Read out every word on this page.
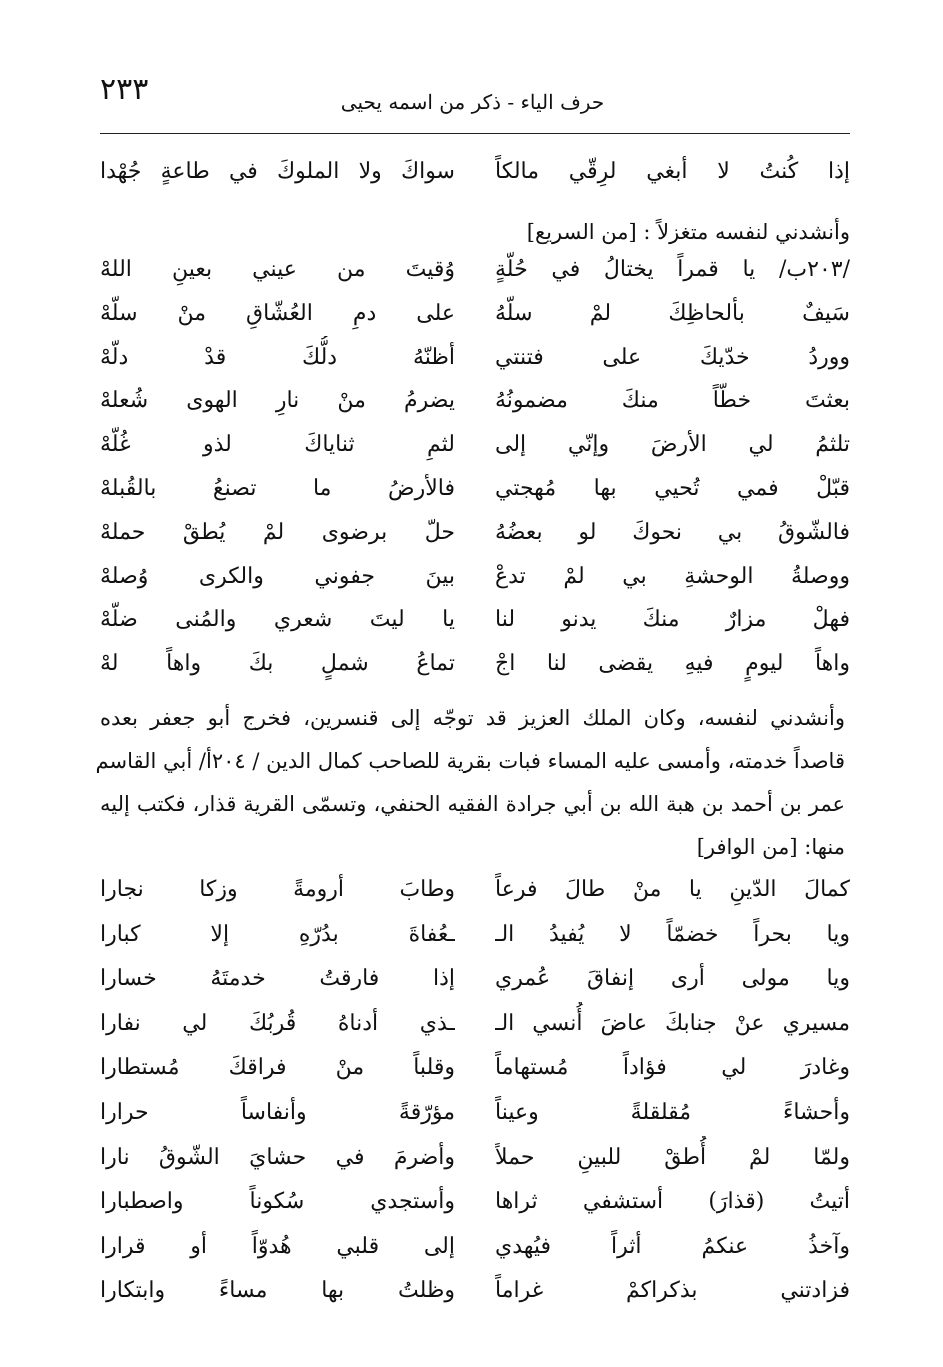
٢٣٣	حرف الياء - ذكر من اسمه يحيى
إذا كُنتُ لا أبغي لرِقّي مالكاً
سواكَ ولا الملوكَ في طاعةٍ جُهْدا
وأنشدني لنفسه متغزلاً : [من السريع]
/٢٠٣ب/ يا قمراً يختالُ في حُلّةٍ
وُقيتَ من عيني بعينِ اللهْ
سَيفٌ بألحاظِكَ لمْ سلّهُ
على دمِ العُشّاقِ منْ سلّهْ
ووردُ خدّيكَ على فتنتي
أظنّهُ دلُّكَ قدْ دلّهْ
بعثتَ خطّاً منكَ مضمونُهُ
يضرمُ منْ نارِ الهوى شُعلهْ
تلثمُ لي الأرضَ وإنّي إلى
لثمِ ثناياكَ لذو غُلّهْ
قبّلْ فمي تُحيي بها مُهجتي
فالأرضُ ما تصنعُ بالقُبلهْ
فالشّوقُ بي نحوكَ لو بعضُهُ
حلّ برضوى لمْ يُطقْ حملهْ
ووصلةُ الوحشةِ بي لمْ تدعْ
بينَ جفوني والكرى وُصلهْ
فهلْ مزارٌ منكَ يدنو لنا
يا ليتَ شعري والمُنى ضلّهْ
واهاً ليومٍ فيهِ يقضى لنا اجْ
تماعُ شملٍ بكَ واهاً لهْ
وأنشدني لنفسه، وكان الملك العزيز قد توجّه إلى قنسرين، فخرج أبو جعفر بعده
قاصداً خدمته، وأمسى عليه المساء فبات بقرية للصاحب كمال الدين / ٢٠٤أ/ أبي القاسم
عمر بن أحمد بن هبة الله بن أبي جرادة الفقيه الحنفي، وتسمّى القرية قذار، فكتب إليه
منها: [من الوافر]
كمالَ الدّينِ يا منْ طالَ فرعاً
وطابَ أرومةً وزكا نجارا
ويا بحراً خضمّاً لا يُفيدُ الـ
ـعُفاةَ بدُرّهِ إلا كبارا
ويا مولى أرى إنفاقَ عُمري
إذا فارقتُ خدمتَهُ خسارا
مسيري عنْ جنابكَ عاضَ أُنسي الـ
ـذي أدناهُ قُربُكَ لي نفارا
وغادرَ لي فؤاداً مُستهاماً
وقلباً منْ فراقكَ مُستطارا
وأحشاءً مُقلقلةً وعيناً
مؤرّقةً وأنفاساً حرارا
ولمّا لمْ أُطقْ للبينِ حملاً
وأضرمَ في حشايَ الشّوقُ نارا
أتيتُ (قذارَ) أستشفي ثراها
وأستجدي سُكوناً واصطبارا
وآخذُ عنكمُ أثراً فيُهدي
إلى قلبي هُدوّاً أو قرارا
فزادتني بذكراكمْ غراماً
وظلتُ بها مساءً وابتكارا
